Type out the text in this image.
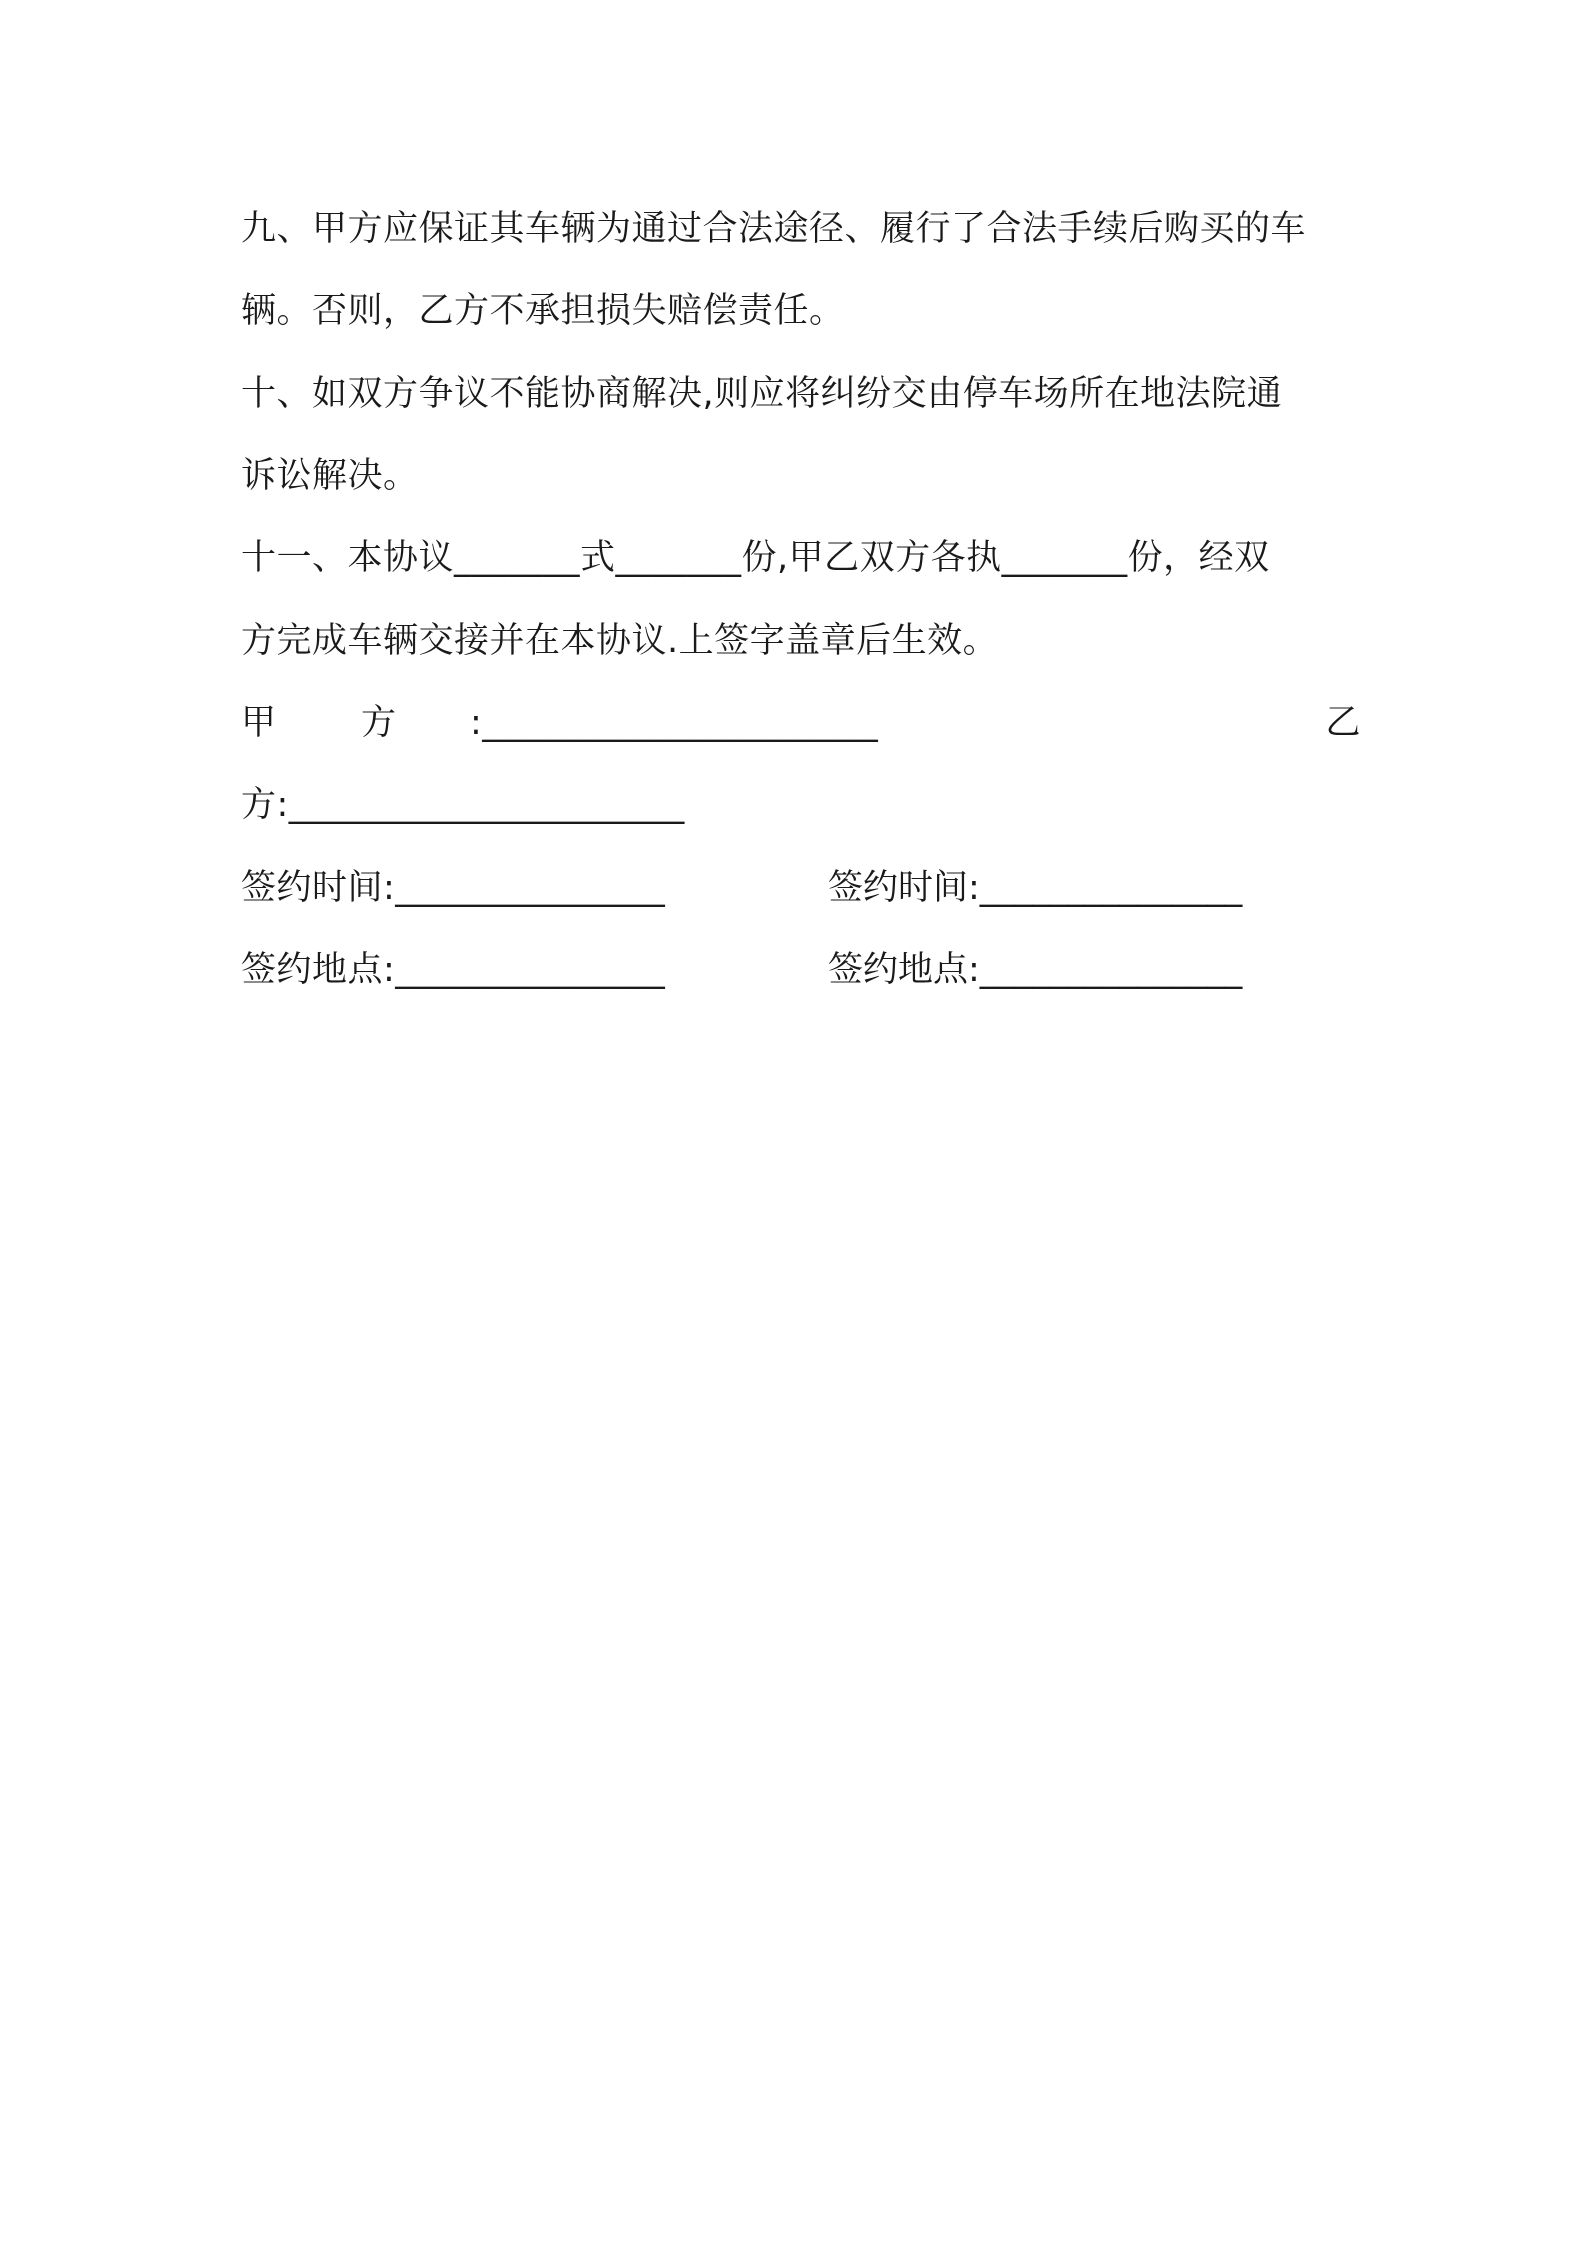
九、甲方应保证其车辆为通过合法途径、履行了合法手续后购买的车
辆。否则，乙方不承担损失赔偿责任。
十、如双方争议不能协商解决,则应将纠纷交由停车场所在地法院通
诉讼解决。
十一、本协议_______式_______份,甲乙双方各执_______份，经双
方完成车辆交接并在本协议.上签字盖章后生效。
甲 方 :______________________	乙
方:______________________
签约时间:_______________	签约时间:_______________
签约地点:_______________	签约地点:_______________
